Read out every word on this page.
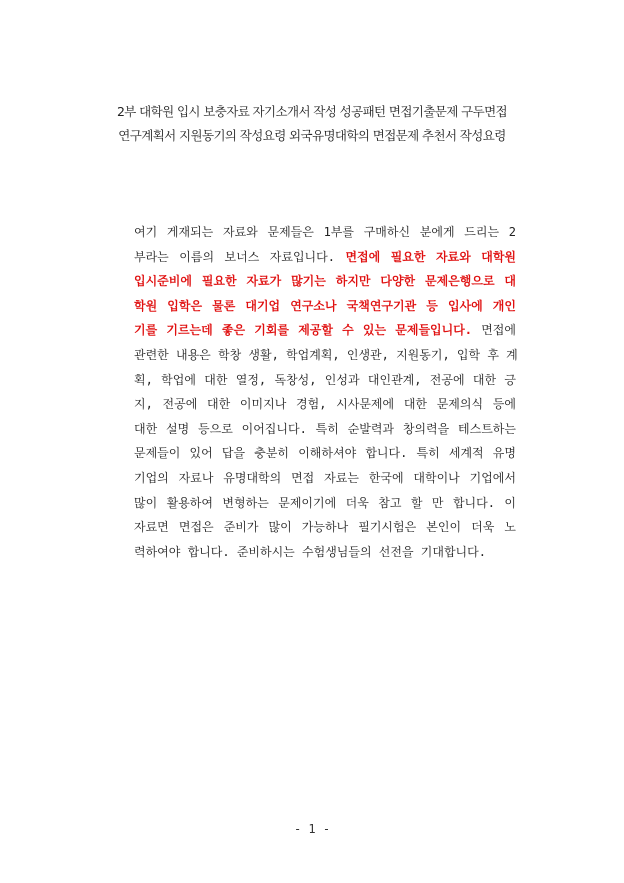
2부 대학원 입시 보충자료 자기소개서 작성 성공패턴 면접기출문제 구두면접
연구계획서 지원동기의 작성요령 외국유명대학의 면접문제 추천서 작성요령
여기 게재되는 자료와 문제들은 1부를 구매하신 분에게 드리는 2
부라는 이름의 보너스 자료입니다. 면접에 필요한 자료와 대학원
입시준비에 필요한 자료가 많기는 하지만 다양한 문제은행으로 대
학원 입학은 물론 대기업 연구소나 국책연구기관 등 입사에 개인
기를 기르는데 좋은 기회를 제공할 수 있는 문제들입니다. 면접에
관련한 내용은 학창 생활, 학업계획, 인생관, 지원동기, 입학 후 계
획, 학업에 대한 열정, 독창성, 인성과 대인관계, 전공에 대한 긍
지, 전공에 대한 이미지나 경험, 시사문제에 대한 문제의식 등에
대한 설명 등으로 이어집니다. 특히 순발력과 창의력을 테스트하는
문제들이 있어 답을 충분히 이해하셔야 합니다. 특히 세계적 유명
기업의 자료나 유명대학의 면접 자료는 한국에 대학이나 기업에서
많이 활용하여 변형하는 문제이기에 더욱 참고 할 만 합니다. 이
자료면 면접은 준비가 많이 가능하나 필기시험은 본인이 더욱 노
력하여야 합니다. 준비하시는 수험생님들의 선전을 기대합니다.
- 1 -
